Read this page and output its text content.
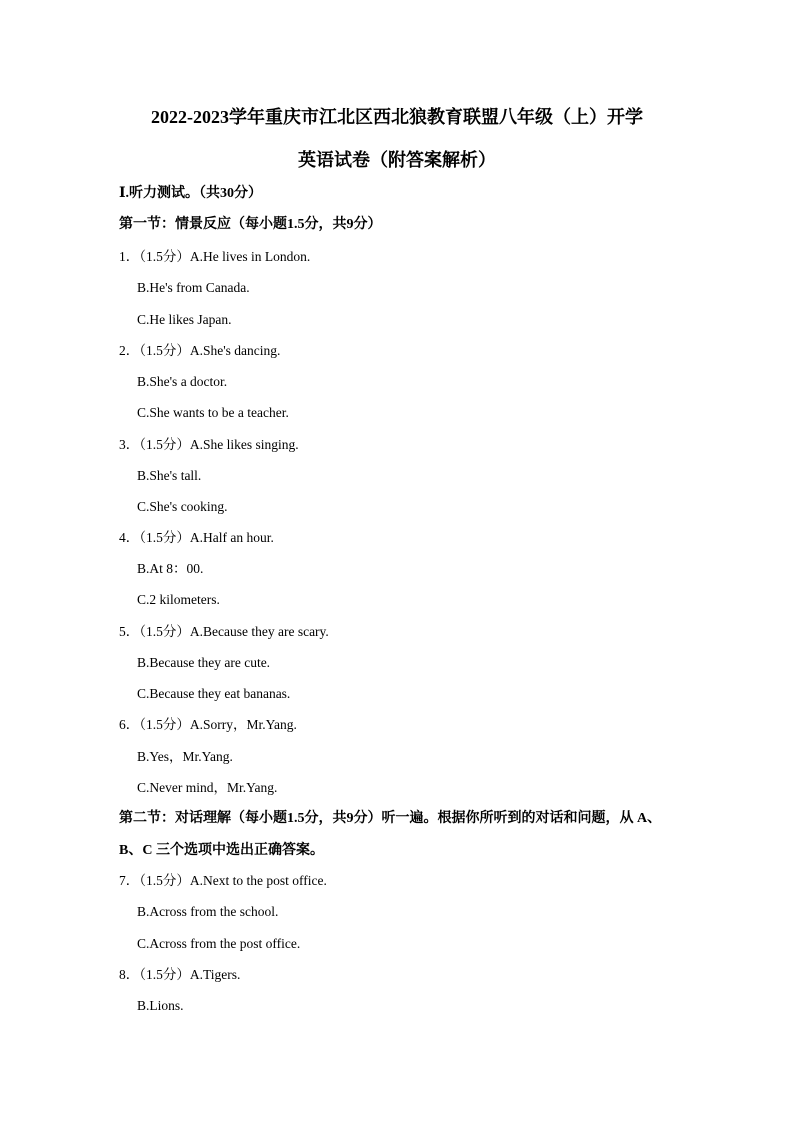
2022-2023学年重庆市江北区西北狼教育联盟八年级（上）开学
英语试卷（附答案解析）
Ⅰ.听力测试。（共30分）
第一节：情景反应（每小题1.5分，共9分）
1．（1.5分）A.He lives in London.
B.He's from Canada.
C.He likes Japan.
2．（1.5分）A.She's dancing.
B.She's a doctor.
C.She wants to be a teacher.
3．（1.5分）A.She likes singing.
B.She's tall.
C.She's cooking.
4．（1.5分）A.Half an hour.
B.At 8：00.
C.2 kilometers.
5．（1.5分）A.Because they are scary.
B.Because they are cute.
C.Because they eat bananas.
6．（1.5分）A.Sorry，Mr.Yang.
B.Yes，Mr.Yang.
C.Never mind，Mr.Yang.
第二节：对话理解（每小题1.5分，共9分）听一遍。根据你所听到的对话和问题，从 A、
B、C 三个选项中选出正确答案。
7．（1.5分）A.Next to the post office.
B.Across from the school.
C.Across from the post office.
8．（1.5分）A.Tigers.
B.Lions.
